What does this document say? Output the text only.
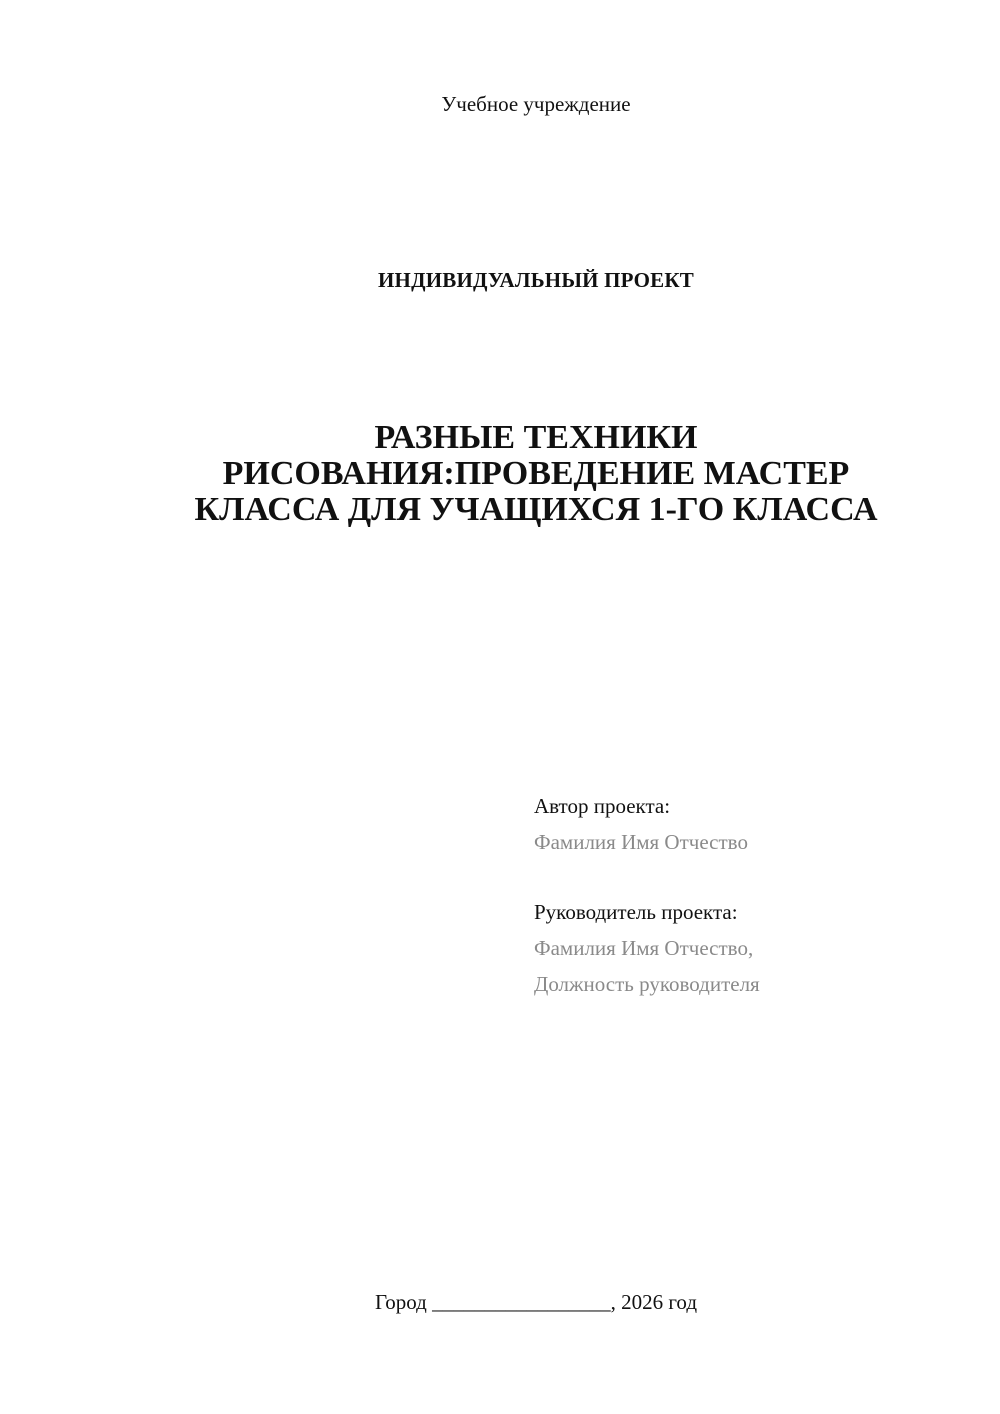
Учебное учреждение
ИНДИВИДУАЛЬНЫЙ ПРОЕКТ
РАЗНЫЕ ТЕХНИКИ
РИСОВАНИЯ:ПРОВЕДЕНИЕ МАСТЕР
КЛАССА ДЛЯ УЧАЩИХСЯ 1-ГО КЛАССА
Автор проекта:
Фамилия Имя Отчество
Руководитель проекта:
Фамилия Имя Отчество,
Должность руководителя
Город _________________, 2026 год
